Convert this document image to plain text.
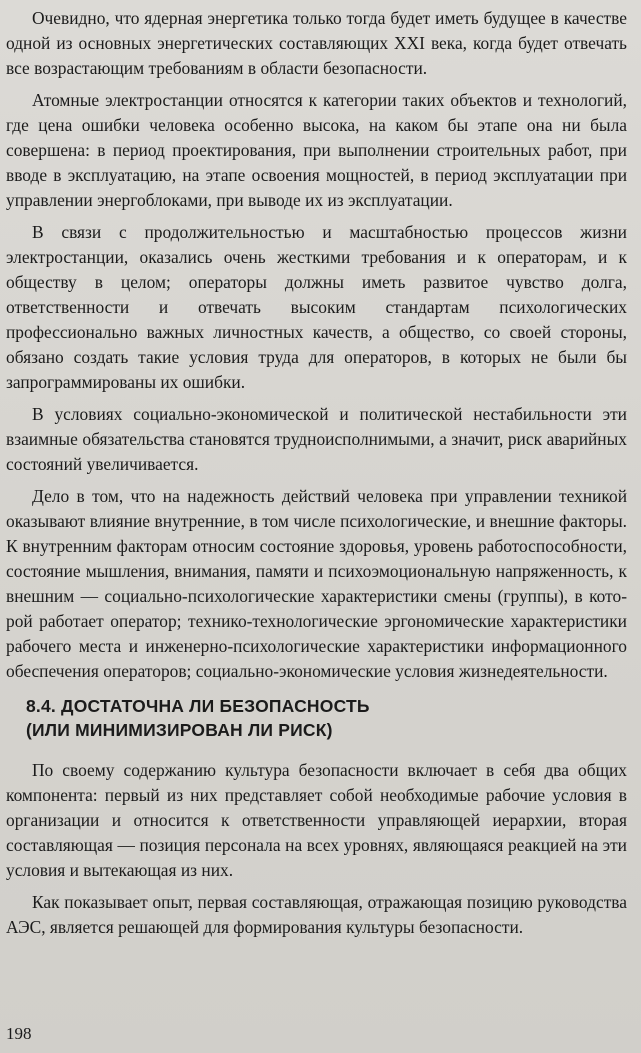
Очевидно, что ядерная энергетика только тогда будет иметь будущее в качестве одной из основных энергетических составляющих XXI века, когда будет отвечать все возрастающим требованиям в области безопасности.

Атомные электростанции относятся к категории таких объектов и технологий, где цена ошибки человека особенно высока, на каком бы этапе она ни была совершена: в период проектирования, при выполнении строительных работ, при вводе в эксплуатацию, на этапе освоения мощностей, в период эксплуатации при управлении энергоблоками, при выводе их из эксплуатации.

В связи с продолжительностью и масштабностью процессов жизни электростанции, оказались очень жесткими требования и к операторам, и к обществу в целом; операторы должны иметь развитое чувство долга, ответственности и отвечать высоким стандартам психологических профессионально важных личностных качеств, а общество, со своей стороны, обязано создать такие условия труда для операторов, в которых не были бы запрограммированы их ошибки.

В условиях социально-экономической и политической нестабильности эти взаимные обязательства становятся трудноисполнимыми, а значит, риск аварийных состояний увеличивается.

Дело в том, что на надежность действий человека при управлении техникой оказывают влияние внутренние, в том числе психологические, и внешние факторы. К внутренним факторам относим состояние здоровья, уровень работоспособности, состояние мышления, внимания, памяти и психоэмоциональную напряженность, к внешним — социально-психологические характеристики смены (группы), в которой работает оператор; технико-технологические эргономические характеристики рабочего места и инженерно-психологические характеристики информационного обеспечения операторов; социально-экономические условия жизнедеятельности.

8.4. ДОСТАТОЧНА ЛИ БЕЗОПАСНОСТЬ
(ИЛИ МИНИМИЗИРОВАН ЛИ РИСК)

По своему содержанию культура безопасности включает в себя два общих компонента: первый из них представляет собой необходимые рабочие условия в организации и относится к ответственности управляющей иерархии, вторая составляющая — позиция персонала на всех уровнях, являющаяся реакцией на эти условия и вытекающая из них.

Как показывает опыт, первая составляющая, отражающая позицию руководства АЭС, является решающей для формирования культуры безопасности.

198
